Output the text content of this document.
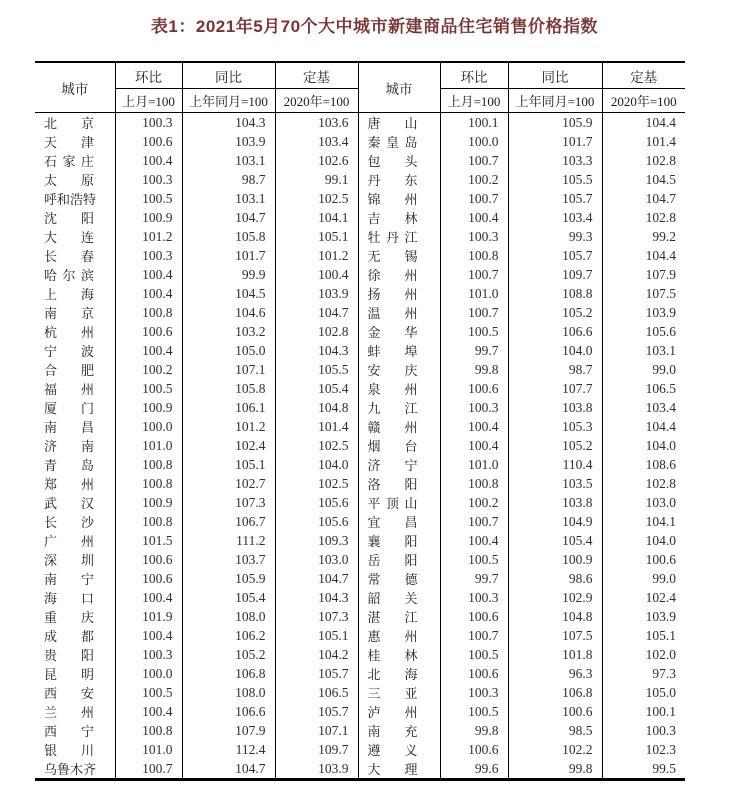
表1：2021年5月70个大中城市新建商品住宅销售价格指数
城市	环比	同比	定基	城市	环比	同比	定基
	上月=100	上年同月=100	2020年=100		上月=100	上年同月=100	2020年=100
北京	100.3	104.3	103.6	唐山	100.1	105.9	104.4
天津	100.6	103.9	103.4	秦皇岛	100.0	101.7	101.4
石家庄	100.4	103.1	102.6	包头	100.7	103.3	102.8
太原	100.3	98.7	99.1	丹东	100.2	105.5	104.5
呼和浩特	100.5	103.1	102.5	锦州	100.7	105.7	104.7
沈阳	100.9	104.7	104.1	吉林	100.4	103.4	102.8
大连	101.2	105.8	105.1	牡丹江	100.3	99.3	99.2
长春	100.3	101.7	101.2	无锡	100.8	105.7	104.4
哈尔滨	100.4	99.9	100.4	徐州	100.7	109.7	107.9
上海	100.4	104.5	103.9	扬州	101.0	108.8	107.5
南京	100.8	104.6	104.7	温州	100.7	105.2	103.9
杭州	100.6	103.2	102.8	金华	100.5	106.6	105.6
宁波	100.4	105.0	104.3	蚌埠	99.7	104.0	103.1
合肥	100.2	107.1	105.5	安庆	99.8	98.7	99.0
福州	100.5	105.8	105.4	泉州	100.6	107.7	106.5
厦门	100.9	106.1	104.8	九江	100.3	103.8	103.4
南昌	100.0	101.2	101.4	赣州	100.4	105.3	104.4
济南	101.0	102.4	102.5	烟台	100.4	105.2	104.0
青岛	100.8	105.1	104.0	济宁	101.0	110.4	108.6
郑州	100.8	102.7	102.5	洛阳	100.8	103.5	102.8
武汉	100.9	107.3	105.6	平顶山	100.2	103.8	103.0
长沙	100.8	106.7	105.6	宜昌	100.7	104.9	104.1
广州	101.5	111.2	109.3	襄阳	100.4	105.4	104.0
深圳	100.6	103.7	103.0	岳阳	100.5	100.9	100.6
南宁	100.6	105.9	104.7	常德	99.7	98.6	99.0
海口	100.4	105.4	104.3	韶关	100.3	102.9	102.4
重庆	101.9	108.0	107.3	湛江	100.6	104.8	103.9
成都	100.4	106.2	105.1	惠州	100.7	107.5	105.1
贵阳	100.3	105.2	104.2	桂林	100.5	101.8	102.0
昆明	100.0	106.8	105.7	北海	100.6	96.3	97.3
西安	100.5	108.0	106.5	三亚	100.3	106.8	105.0
兰州	100.4	106.6	105.7	泸州	100.5	100.6	100.1
西宁	100.8	107.9	107.1	南充	99.8	98.5	100.3
银川	101.0	112.4	109.7	遵义	100.6	102.2	102.3
乌鲁木齐	100.7	104.7	103.9	大理	99.6	99.8	99.5
